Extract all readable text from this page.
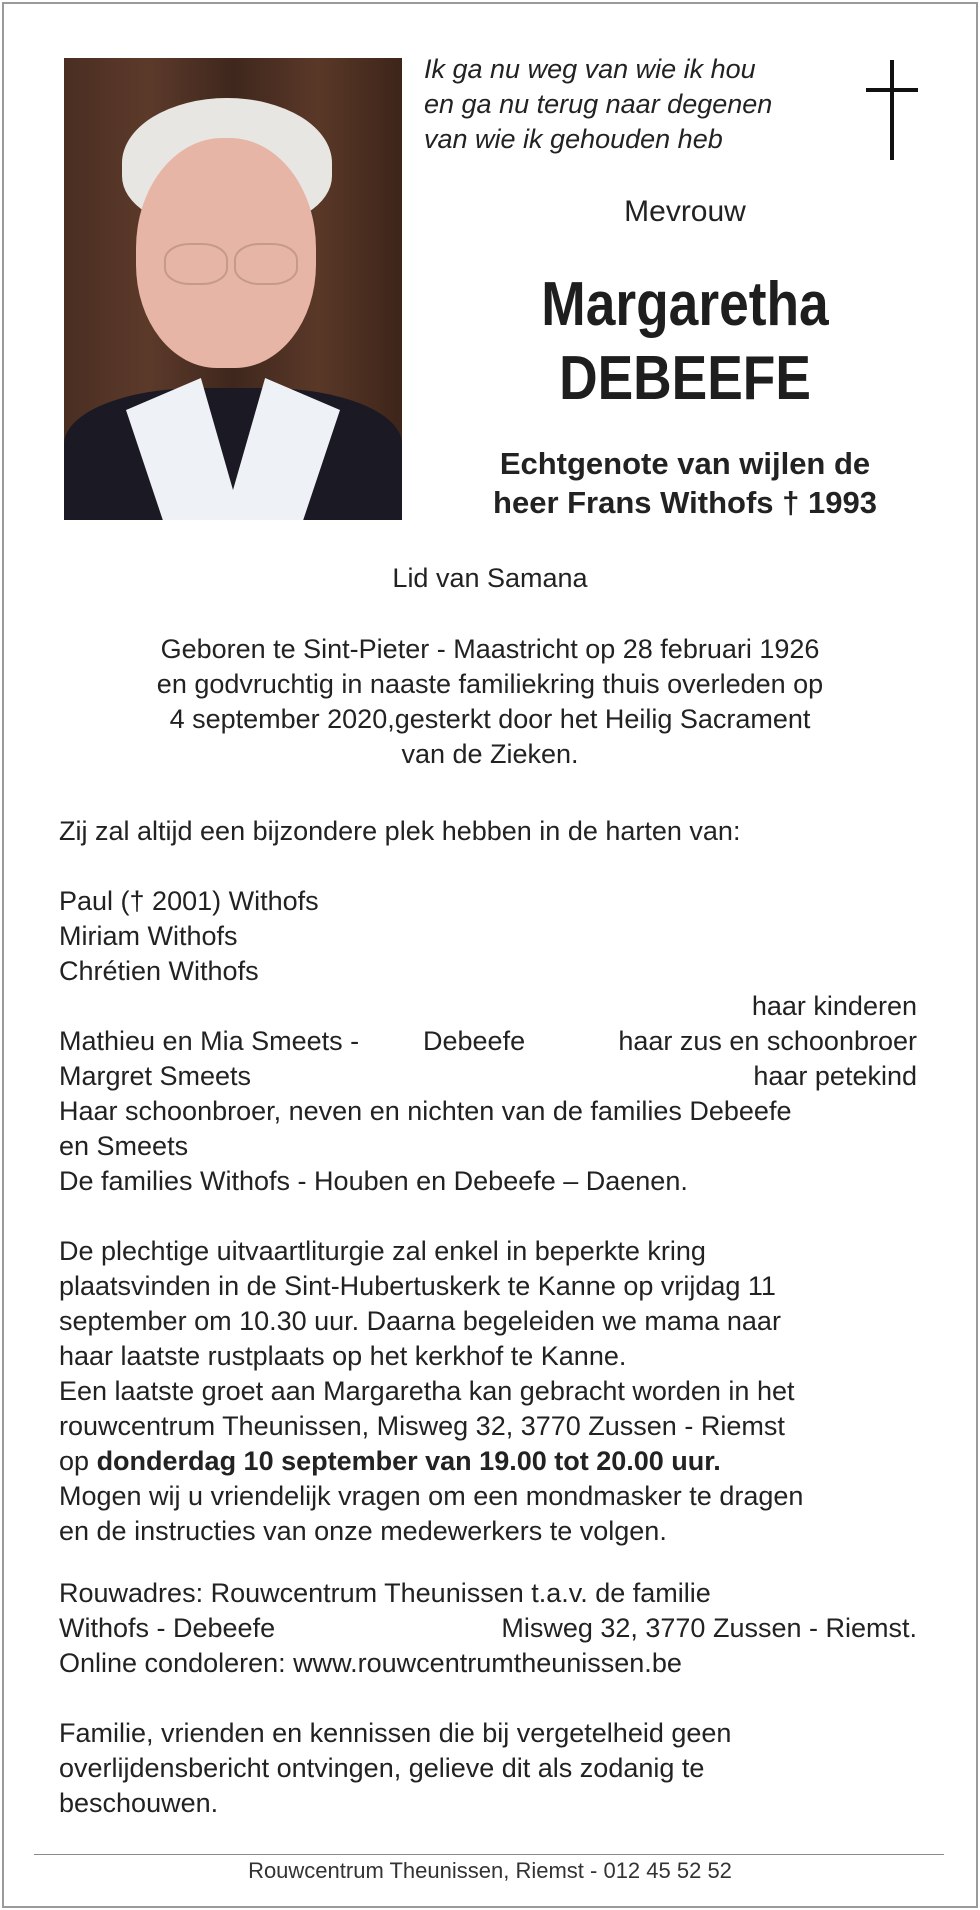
Ik ga nu weg van wie ik hou
en ga nu terug naar degenen
van wie ik gehouden heb
Mevrouw
Margaretha
DEBEEFE
Echtgenote van wijlen de
heer Frans Withofs † 1993
Lid van Samana
Geboren te Sint-Pieter - Maastricht op 28 februari 1926
en godvruchtig in naaste familiekring thuis overleden op
4 september 2020,gesterkt door het Heilig Sacrament
van de Zieken.
Zij zal altijd een bijzondere plek hebben in de harten van:
Paul († 2001) Withofs
Miriam Withofs
Chrétien Withofs
haar kinderen
Mathieu en Mia Smeets - Debeefe	haar zus en schoonbroer
Margret Smeets	haar petekind
Haar schoonbroer, neven en nichten van de families Debeefe
en Smeets
De families Withofs - Houben en Debeefe – Daenen.
De plechtige uitvaartliturgie zal enkel in beperkte kring
plaatsvinden in de Sint-Hubertuskerk te Kanne op vrijdag 11
september om 10.30 uur. Daarna begeleiden we mama naar
haar laatste rustplaats op het kerkhof te Kanne.
Een laatste groet aan Margaretha kan gebracht worden in het
rouwcentrum Theunissen, Misweg 32, 3770 Zussen - Riemst
op donderdag 10 september van 19.00 tot 20.00 uur.
Mogen wij u vriendelijk vragen om een mondmasker te dragen
en de instructies van onze medewerkers te volgen.
Rouwadres: Rouwcentrum Theunissen t.a.v. de familie
Withofs - Debeefe	Misweg 32, 3770 Zussen - Riemst.
Online condoleren: www.rouwcentrumtheunissen.be
Familie, vrienden en kennissen die bij vergetelheid geen
overlijdensbericht ontvingen, gelieve dit als zodanig te
beschouwen.
Rouwcentrum Theunissen, Riemst - 012 45 52 52
